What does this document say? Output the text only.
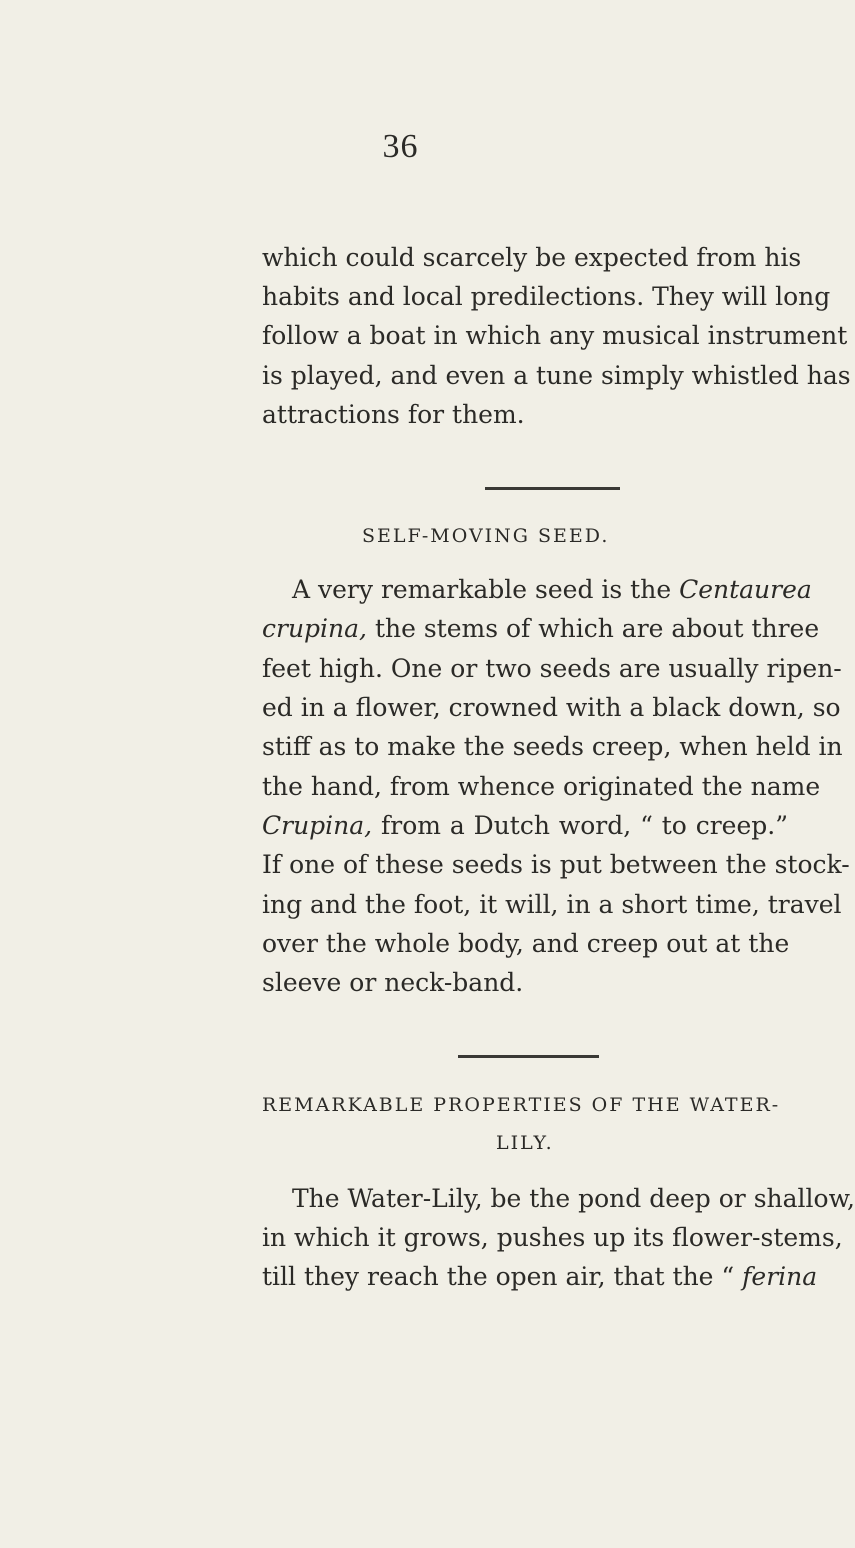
36
which could scarcely be expected from his
habits and local predilections. They will long
follow a boat in which any musical instrument
is played, and even a tune simply whistled has
attractions for them.
SELF-MOVING SEED.
A very remarkable seed is the Centaurea
crupina, the stems of which are about three
feet high. One or two seeds are usually ripen-
ed in a flower, crowned with a black down, so
stiff as to make the seeds creep, when held in
the hand, from whence originated the name
Crupina, from a Dutch word, “ to creep.”
If one of these seeds is put between the stock-
ing and the foot, it will, in a short time, travel
over the whole body, and creep out at the
sleeve or neck-band.
REMARKABLE PROPERTIES OF THE WATER-
LILY.
The Water-Lily, be the pond deep or shallow,
in which it grows, pushes up its flower-stems,
till they reach the open air, that the “ ferina
